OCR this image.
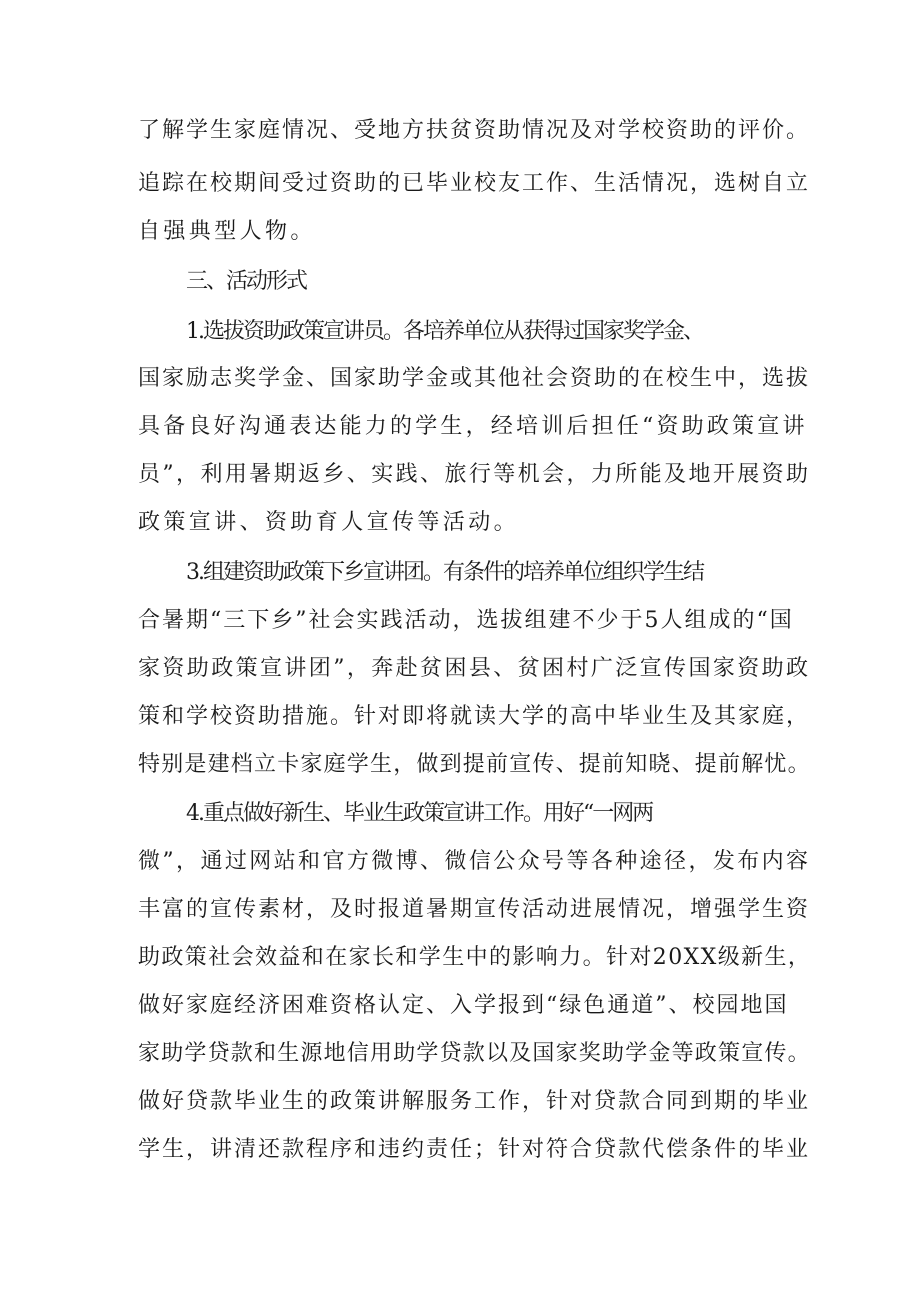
了解学生家庭情况、受地方扶贫资助情况及对学校资助的评价。
追踪在校期间受过资助的已毕业校友工作、生活情况，选树自立
自强典型人物。
三、活动形式
1.选拔资助政策宣讲员。各培养单位从获得过国家奖学金、
国家励志奖学金、国家助学金或其他社会资助的在校生中，选拔
具备良好沟通表达能力的学生，经培训后担任“资助政策宣讲
员”，利用暑期返乡、实践、旅行等机会，力所能及地开展资助
政策宣讲、资助育人宣传等活动。
3.组建资助政策下乡宣讲团。有条件的培养单位组织学生结
合暑期“三下乡”社会实践活动，选拔组建不少于5人组成的“国
家资助政策宣讲团”，奔赴贫困县、贫困村广泛宣传国家资助政
策和学校资助措施。针对即将就读大学的高中毕业生及其家庭，
特别是建档立卡家庭学生，做到提前宣传、提前知晓、提前解忧。
4.重点做好新生、毕业生政策宣讲工作。用好“一网两
微”，通过网站和官方微博、微信公众号等各种途径，发布内容
丰富的宣传素材，及时报道暑期宣传活动进展情况，增强学生资
助政策社会效益和在家长和学生中的影响力。针对20XX级新生，
做好家庭经济困难资格认定、入学报到“绿色通道”、校园地国
家助学贷款和生源地信用助学贷款以及国家奖助学金等政策宣传。
做好贷款毕业生的政策讲解服务工作，针对贷款合同到期的毕业
学生，讲清还款程序和违约责任；针对符合贷款代偿条件的毕业
